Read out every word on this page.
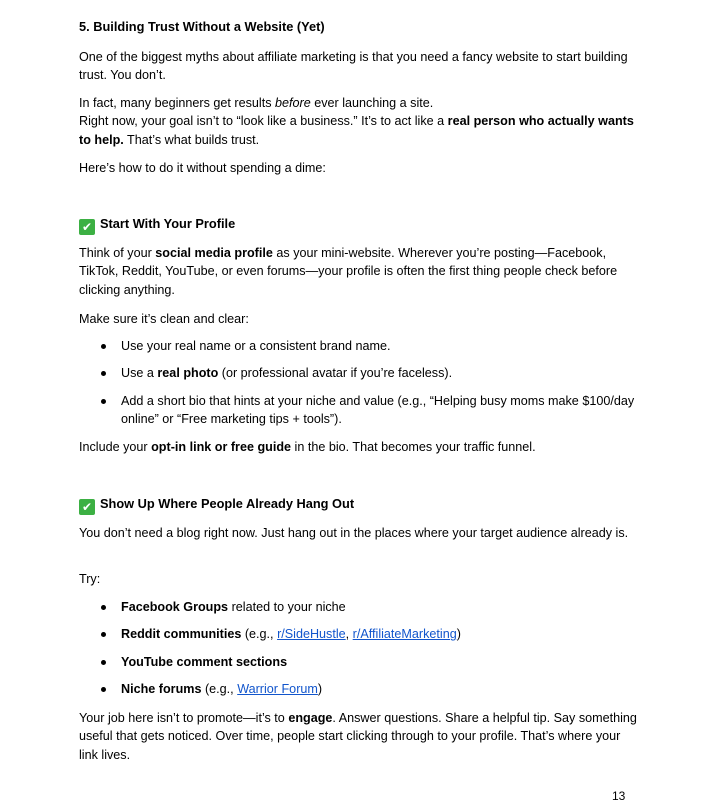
5. Building Trust Without a Website (Yet)

One of the biggest myths about affiliate marketing is that you need a fancy website to start building trust. You don’t.

In fact, many beginners get results before ever launching a site.
Right now, your goal isn’t to “look like a business.” It’s to act like a real person who actually wants to help. That’s what builds trust.

Here’s how to do it without spending a dime:

✔ Start With Your Profile

Think of your social media profile as your mini-website. Wherever you’re posting—Facebook, TikTok, Reddit, YouTube, or even forums—your profile is often the first thing people check before clicking anything.

Make sure it’s clean and clear:

Use your real name or a consistent brand name.
Use a real photo (or professional avatar if you’re faceless).
Add a short bio that hints at your niche and value (e.g., “Helping busy moms make $100/day online” or “Free marketing tips + tools”).

Include your opt-in link or free guide in the bio. That becomes your traffic funnel.

✔ Show Up Where People Already Hang Out

You don’t need a blog right now. Just hang out in the places where your target audience already is.

Try:

Facebook Groups related to your niche
Reddit communities (e.g., r/SideHustle, r/AffiliateMarketing)
YouTube comment sections
Niche forums (e.g., Warrior Forum)

Your job here isn’t to promote—it’s to engage. Answer questions. Share a helpful tip. Say something useful that gets noticed. Over time, people start clicking through to your profile. That’s where your link lives.

13
